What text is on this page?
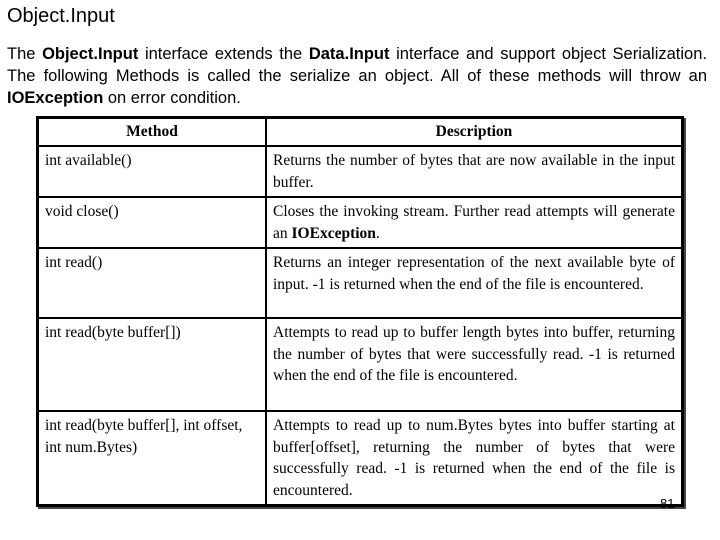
Object.Input
The Object.Input interface extends the Data.Input interface and support object Serialization. The following Methods is called the serialize an object. All of these methods will throw an IOException on error condition.
Method	Description
int available()	Returns the number of bytes that are now available in the input buffer.
void close()	Closes the invoking stream. Further read attempts will generate an IOException.
int read()	Returns an integer representation of the next available byte of input. -1 is returned when the end of the file is encountered.
int read(byte buffer[])	Attempts to read up to buffer length bytes into buffer, returning the number of bytes that were successfully read. -1 is returned when the end of the file is encountered.
int read(byte buffer[], int offset, int num.Bytes)	Attempts to read up to num.Bytes bytes into buffer starting at buffer[offset], returning the number of bytes that were successfully read. -1 is returned when the end of the file is encountered.
81
